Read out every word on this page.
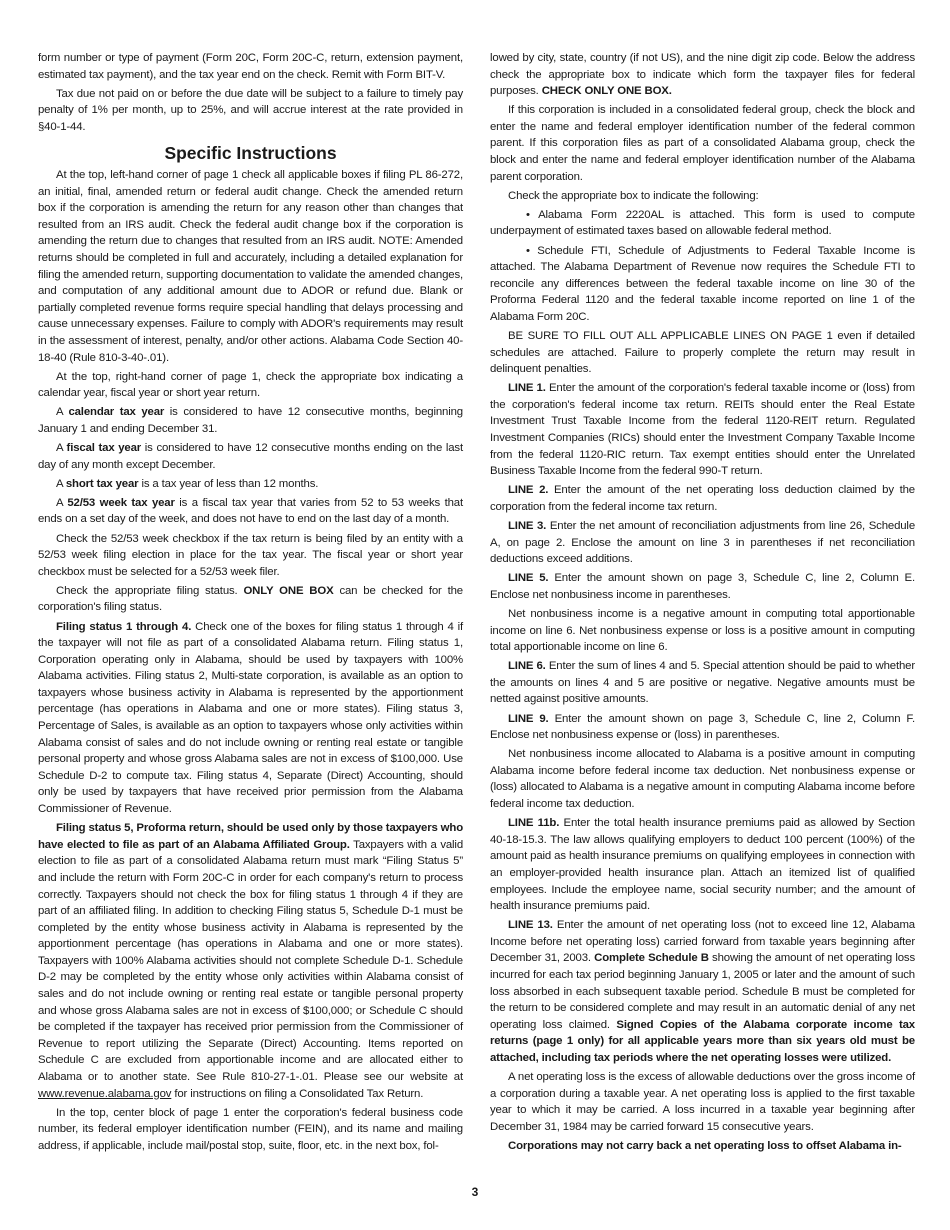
form number or type of payment (Form 20C, Form 20C-C, return, extension payment, estimated tax payment), and the tax year end on the check. Remit with Form BIT-V.

Tax due not paid on or before the due date will be subject to a failure to timely pay penalty of 1% per month, up to 25%, and will accrue interest at the rate provided in §40-1-44.

Specific Instructions

At the top, left-hand corner of page 1 check all applicable boxes if filing PL 86-272, an initial, final, amended return or federal audit change. Check the amended return box if the corporation is amending the return for any reason other than changes that resulted from an IRS audit. Check the federal audit change box if the corporation is amending the return due to changes that resulted from an IRS audit. NOTE: Amended returns should be completed in full and accurately, including a detailed explanation for filing the amended return, supporting documentation to validate the amended changes, and computation of any additional amount due to ADOR or refund due. Blank or partially completed revenue forms require special handling that delays processing and cause unnecessary expenses. Failure to comply with ADOR's requirements may result in the assessment of interest, penalty, and/or other actions. Alabama Code Section 40-18-40 (Rule 810-3-40-.01).

At the top, right-hand corner of page 1, check the appropriate box indicating a calendar year, fiscal year or short year return.

A calendar tax year is considered to have 12 consecutive months, beginning January 1 and ending December 31.

A fiscal tax year is considered to have 12 consecutive months ending on the last day of any month except December.

A short tax year is a tax year of less than 12 months.

A 52/53 week tax year is a fiscal tax year that varies from 52 to 53 weeks that ends on a set day of the week, and does not have to end on the last day of a month.

Check the 52/53 week checkbox if the tax return is being filed by an entity with a 52/53 week filing election in place for the tax year. The fiscal year or short year checkbox must be selected for a 52/53 week filer.

Check the appropriate filing status. ONLY ONE BOX can be checked for the corporation's filing status.

Filing status 1 through 4. Check one of the boxes for filing status 1 through 4 if the taxpayer will not file as part of a consolidated Alabama return. Filing status 1, Corporation operating only in Alabama, should be used by taxpayers with 100% Alabama activities. Filing status 2, Multi-state corporation, is available as an option to taxpayers whose business activity in Alabama is represented by the apportionment percentage (has operations in Alabama and one or more states). Filing status 3, Percentage of Sales, is available as an option to taxpayers whose only activities within Alabama consist of sales and do not include owning or renting real estate or tangible personal property and whose gross Alabama sales are not in excess of $100,000. Use Schedule D-2 to compute tax. Filing status 4, Separate (Direct) Accounting, should only be used by taxpayers that have received prior permission from the Alabama Commissioner of Revenue.

Filing status 5, Proforma return, should be used only by those taxpayers who have elected to file as part of an Alabama Affiliated Group. Taxpayers with a valid election to file as part of a consolidated Alabama return must mark “Filing Status 5” and include the return with Form 20C-C in order for each company's return to process correctly. Taxpayers should not check the box for filing status 1 through 4 if they are part of an affiliated filing. In addition to checking Filing status 5, Schedule D-1 must be completed by the entity whose business activity in Alabama is represented by the apportionment percentage (has operations in Alabama and one or more states). Taxpayers with 100% Alabama activities should not complete Schedule D-1. Schedule D-2 may be completed by the entity whose only activities within Alabama consist of sales and do not include owning or renting real estate or tangible personal property and whose gross Alabama sales are not in excess of $100,000; or Schedule C should be completed if the taxpayer has received prior permission from the Commissioner of Revenue to report utilizing the Separate (Direct) Accounting. Items reported on Schedule C are excluded from apportionable income and are allocated either to Alabama or to another state. See Rule 810-27-1-.01. Please see our website at www.revenue.alabama.gov for instructions on filing a Consolidated Tax Return.

In the top, center block of page 1 enter the corporation's federal business code number, its federal employer identification number (FEIN), and its name and mailing address, if applicable, include mail/postal stop, suite, floor, etc. in the next box, fol-

lowed by city, state, country (if not US), and the nine digit zip code. Below the address check the appropriate box to indicate which form the taxpayer files for federal purposes. CHECK ONLY ONE BOX.

If this corporation is included in a consolidated federal group, check the block and enter the name and federal employer identification number of the federal common parent. If this corporation files as part of a consolidated Alabama group, check the block and enter the name and federal employer identification number of the Alabama parent corporation.

Check the appropriate box to indicate the following:

• Alabama Form 2220AL is attached. This form is used to compute underpayment of estimated taxes based on allowable federal method.

• Schedule FTI, Schedule of Adjustments to Federal Taxable Income is attached. The Alabama Department of Revenue now requires the Schedule FTI to reconcile any differences between the federal taxable income on line 30 of the Proforma Federal 1120 and the federal taxable income reported on line 1 of the Alabama Form 20C.

BE SURE TO FILL OUT ALL APPLICABLE LINES ON PAGE 1 even if detailed schedules are attached. Failure to properly complete the return may result in delinquent penalties.

LINE 1. Enter the amount of the corporation's federal taxable income or (loss) from the corporation's federal income tax return. REITs should enter the Real Estate Investment Trust Taxable Income from the federal 1120-REIT return. Regulated Investment Companies (RICs) should enter the Investment Company Taxable Income from the federal 1120-RIC return. Tax exempt entities should enter the Unrelated Business Taxable Income from the federal 990-T return.

LINE 2. Enter the amount of the net operating loss deduction claimed by the corporation from the federal income tax return.

LINE 3. Enter the net amount of reconciliation adjustments from line 26, Schedule A, on page 2. Enclose the amount on line 3 in parentheses if net reconciliation deductions exceed additions.

LINE 5. Enter the amount shown on page 3, Schedule C, line 2, Column E. Enclose net nonbusiness income in parentheses.

Net nonbusiness income is a negative amount in computing total apportionable income on line 6. Net nonbusiness expense or loss is a positive amount in computing total apportionable income on line 6.

LINE 6. Enter the sum of lines 4 and 5. Special attention should be paid to whether the amounts on lines 4 and 5 are positive or negative. Negative amounts must be netted against positive amounts.

LINE 9. Enter the amount shown on page 3, Schedule C, line 2, Column F. Enclose net nonbusiness expense or (loss) in parentheses.

Net nonbusiness income allocated to Alabama is a positive amount in computing Alabama income before federal income tax deduction. Net nonbusiness expense or (loss) allocated to Alabama is a negative amount in computing Alabama income before federal income tax deduction.

LINE 11b. Enter the total health insurance premiums paid as allowed by Section 40-18-15.3. The law allows qualifying employers to deduct 100 percent (100%) of the amount paid as health insurance premiums on qualifying employees in connection with an employer-provided health insurance plan. Attach an itemized list of qualified employees. Include the employee name, social security number; and the amount of health insurance premiums paid.

LINE 13. Enter the amount of net operating loss (not to exceed line 12, Alabama Income before net operating loss) carried forward from taxable years beginning after December 31, 2003. Complete Schedule B showing the amount of net operating loss incurred for each tax period beginning January 1, 2005 or later and the amount of such loss absorbed in each subsequent taxable period. Schedule B must be completed for the return to be considered complete and may result in an automatic denial of any net operating loss claimed. Signed Copies of the Alabama corporate income tax returns (page 1 only) for all applicable years more than six years old must be attached, including tax periods where the net operating losses were utilized.

A net operating loss is the excess of allowable deductions over the gross income of a corporation during a taxable year. A net operating loss is applied to the first taxable year to which it may be carried. A loss incurred in a taxable year beginning after December 31, 1984 may be carried forward 15 consecutive years.

Corporations may not carry back a net operating loss to offset Alabama in-

3
